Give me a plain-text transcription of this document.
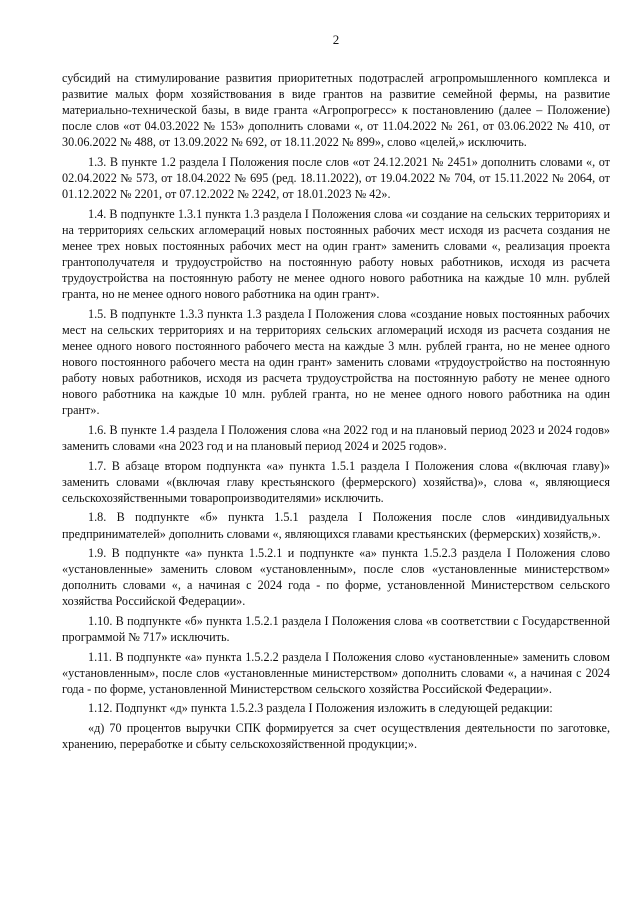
2

субсидий на стимулирование развития приоритетных подотраслей агропромышленного комплекса и развитие малых форм хозяйствования в виде грантов на развитие семейной фермы, на развитие материально-технической базы, в виде гранта «Агропрогресс» к постановлению (далее – Положение) после слов «от 04.03.2022 № 153» дополнить словами «, от 11.04.2022 № 261, от 03.06.2022 № 410, от 30.06.2022 № 488, от 13.09.2022 № 692, от 18.11.2022 № 899», слово «целей,» исключить.

1.3. В пункте 1.2 раздела I Положения после слов «от 24.12.2021 № 2451» дополнить словами «, от 02.04.2022 № 573, от 18.04.2022 № 695 (ред. 18.11.2022), от 19.04.2022 № 704, от 15.11.2022 № 2064, от 01.12.2022 № 2201, от 07.12.2022 № 2242, от 18.01.2023 № 42».

1.4. В подпункте 1.3.1 пункта 1.3 раздела I Положения слова «и создание на сельских территориях и на территориях сельских агломераций новых постоянных рабочих мест исходя из расчета создания не менее трех новых постоянных рабочих мест на один грант» заменить словами «, реализация проекта грантополучателя и трудоустройство на постоянную работу новых работников, исходя из расчета трудоустройства на постоянную работу не менее одного нового работника на каждые 10 млн. рублей гранта, но не менее одного нового работника на один грант».

1.5. В подпункте 1.3.3 пункта 1.3 раздела I Положения слова «создание новых постоянных рабочих мест на сельских территориях и на территориях сельских агломераций исходя из расчета создания не менее одного нового постоянного рабочего места на каждые 3 млн. рублей гранта, но не менее одного нового постоянного рабочего места на один грант» заменить словами «трудоустройство на постоянную работу новых работников, исходя из расчета трудоустройства на постоянную работу не менее одного нового работника на каждые 10 млн. рублей гранта, но не менее одного нового работника на один грант».

1.6. В пункте 1.4 раздела I Положения слова «на 2022 год и на плановый период 2023 и 2024 годов» заменить словами «на 2023 год и на плановый период 2024 и 2025 годов».

1.7. В абзаце втором подпункта «а» пункта 1.5.1 раздела I Положения слова «(включая главу)» заменить словами «(включая главу крестьянского (фермерского) хозяйства)», слова «, являющиеся сельскохозяйственными товаропроизводителями» исключить.

1.8. В подпункте «б» пункта 1.5.1 раздела I Положения после слов «индивидуальных предпринимателей» дополнить словами «, являющихся главами крестьянских (фермерских) хозяйств,».

1.9. В подпункте «а» пункта 1.5.2.1 и подпункте «а» пункта 1.5.2.3 раздела I Положения слово «установленные» заменить словом «установленным», после слов «установленные министерством» дополнить словами «, а начиная с 2024 года - по форме, установленной Министерством сельского хозяйства Российской Федерации».

1.10. В подпункте «б» пункта 1.5.2.1 раздела I Положения слова «в соответствии с Государственной программой № 717» исключить.

1.11. В подпункте «а» пункта 1.5.2.2 раздела I Положения слово «установленные» заменить словом «установленным», после слов «установленные министерством» дополнить словами «, а начиная с 2024 года - по форме, установленной Министерством сельского хозяйства Российской Федерации».

1.12. Подпункт «д» пункта 1.5.2.3 раздела I Положения изложить в следующей редакции:

«д) 70 процентов выручки СПК формируется за счет осуществления деятельности по заготовке, хранению, переработке и сбыту сельскохозяйственной продукции;».
